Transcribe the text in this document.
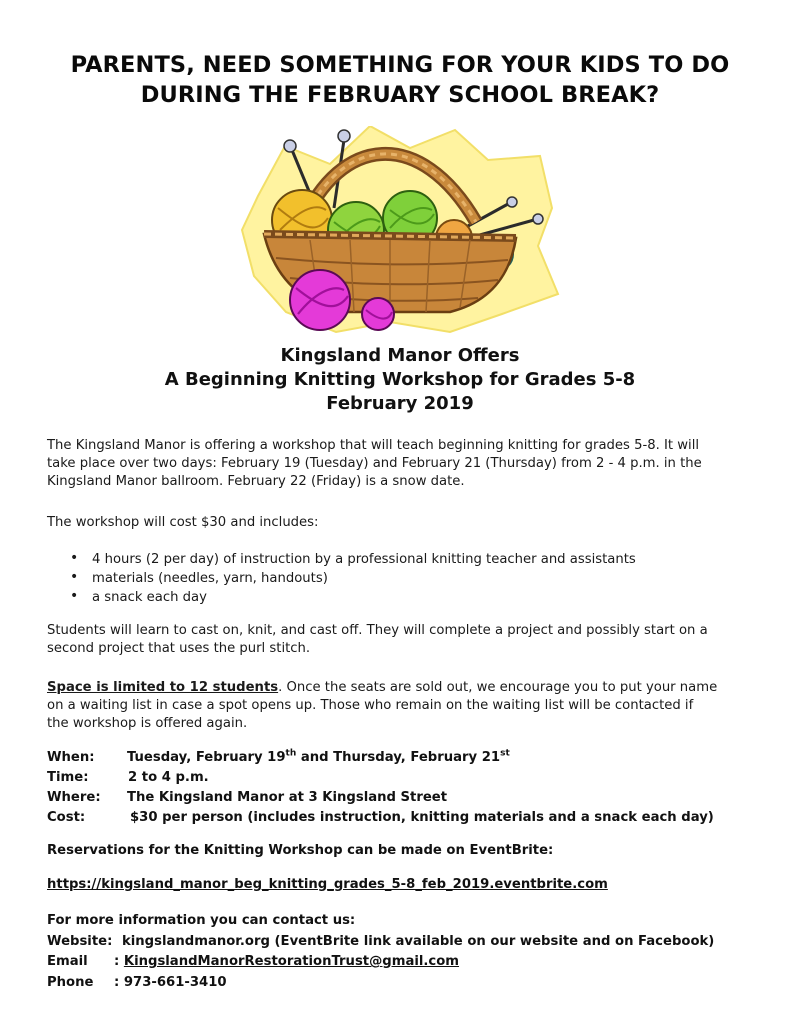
PARENTS, NEED SOMETHING FOR YOUR KIDS TO DO
DURING THE FEBRUARY SCHOOL BREAK?
Kingsland Manor Offers
A Beginning Knitting Workshop for Grades 5-8
February 2019
The Kingsland Manor is offering a workshop that will teach beginning knitting for grades 5-8. It will
take place over two days: February 19 (Tuesday) and February 21 (Thursday) from 2 - 4 p.m. in the
Kingsland Manor ballroom. February 22 (Friday) is a snow date.
The workshop will cost $30 and includes:
• 4 hours (2 per day) of instruction by a professional knitting teacher and assistants
• materials (needles, yarn, handouts)
• a snack each day
Students will learn to cast on, knit, and cast off. They will complete a project and possibly start on a
second project that uses the purl stitch.
Space is limited to 12 students. Once the seats are sold out, we encourage you to put your name
on a waiting list in case a spot opens up. Those who remain on the waiting list will be contacted if
the workshop is offered again.
When: Tuesday, February 19th and Thursday, February 21st
Time:	2 to 4 p.m.
Where: The Kingsland Manor at 3 Kingsland Street
Cost:	$30 per person (includes instruction, knitting materials and a snack each day)
Reservations for the Knitting Workshop can be made on EventBrite:
https://kingsland_manor_beg_knitting_grades_5-8_feb_2019.eventbrite.com
For more information you can contact us:
Website: kingslandmanor.org (EventBrite link available on our website and on Facebook)
Email : KingslandManorRestorationTrust@gmail.com
Phone : 973-661-3410
